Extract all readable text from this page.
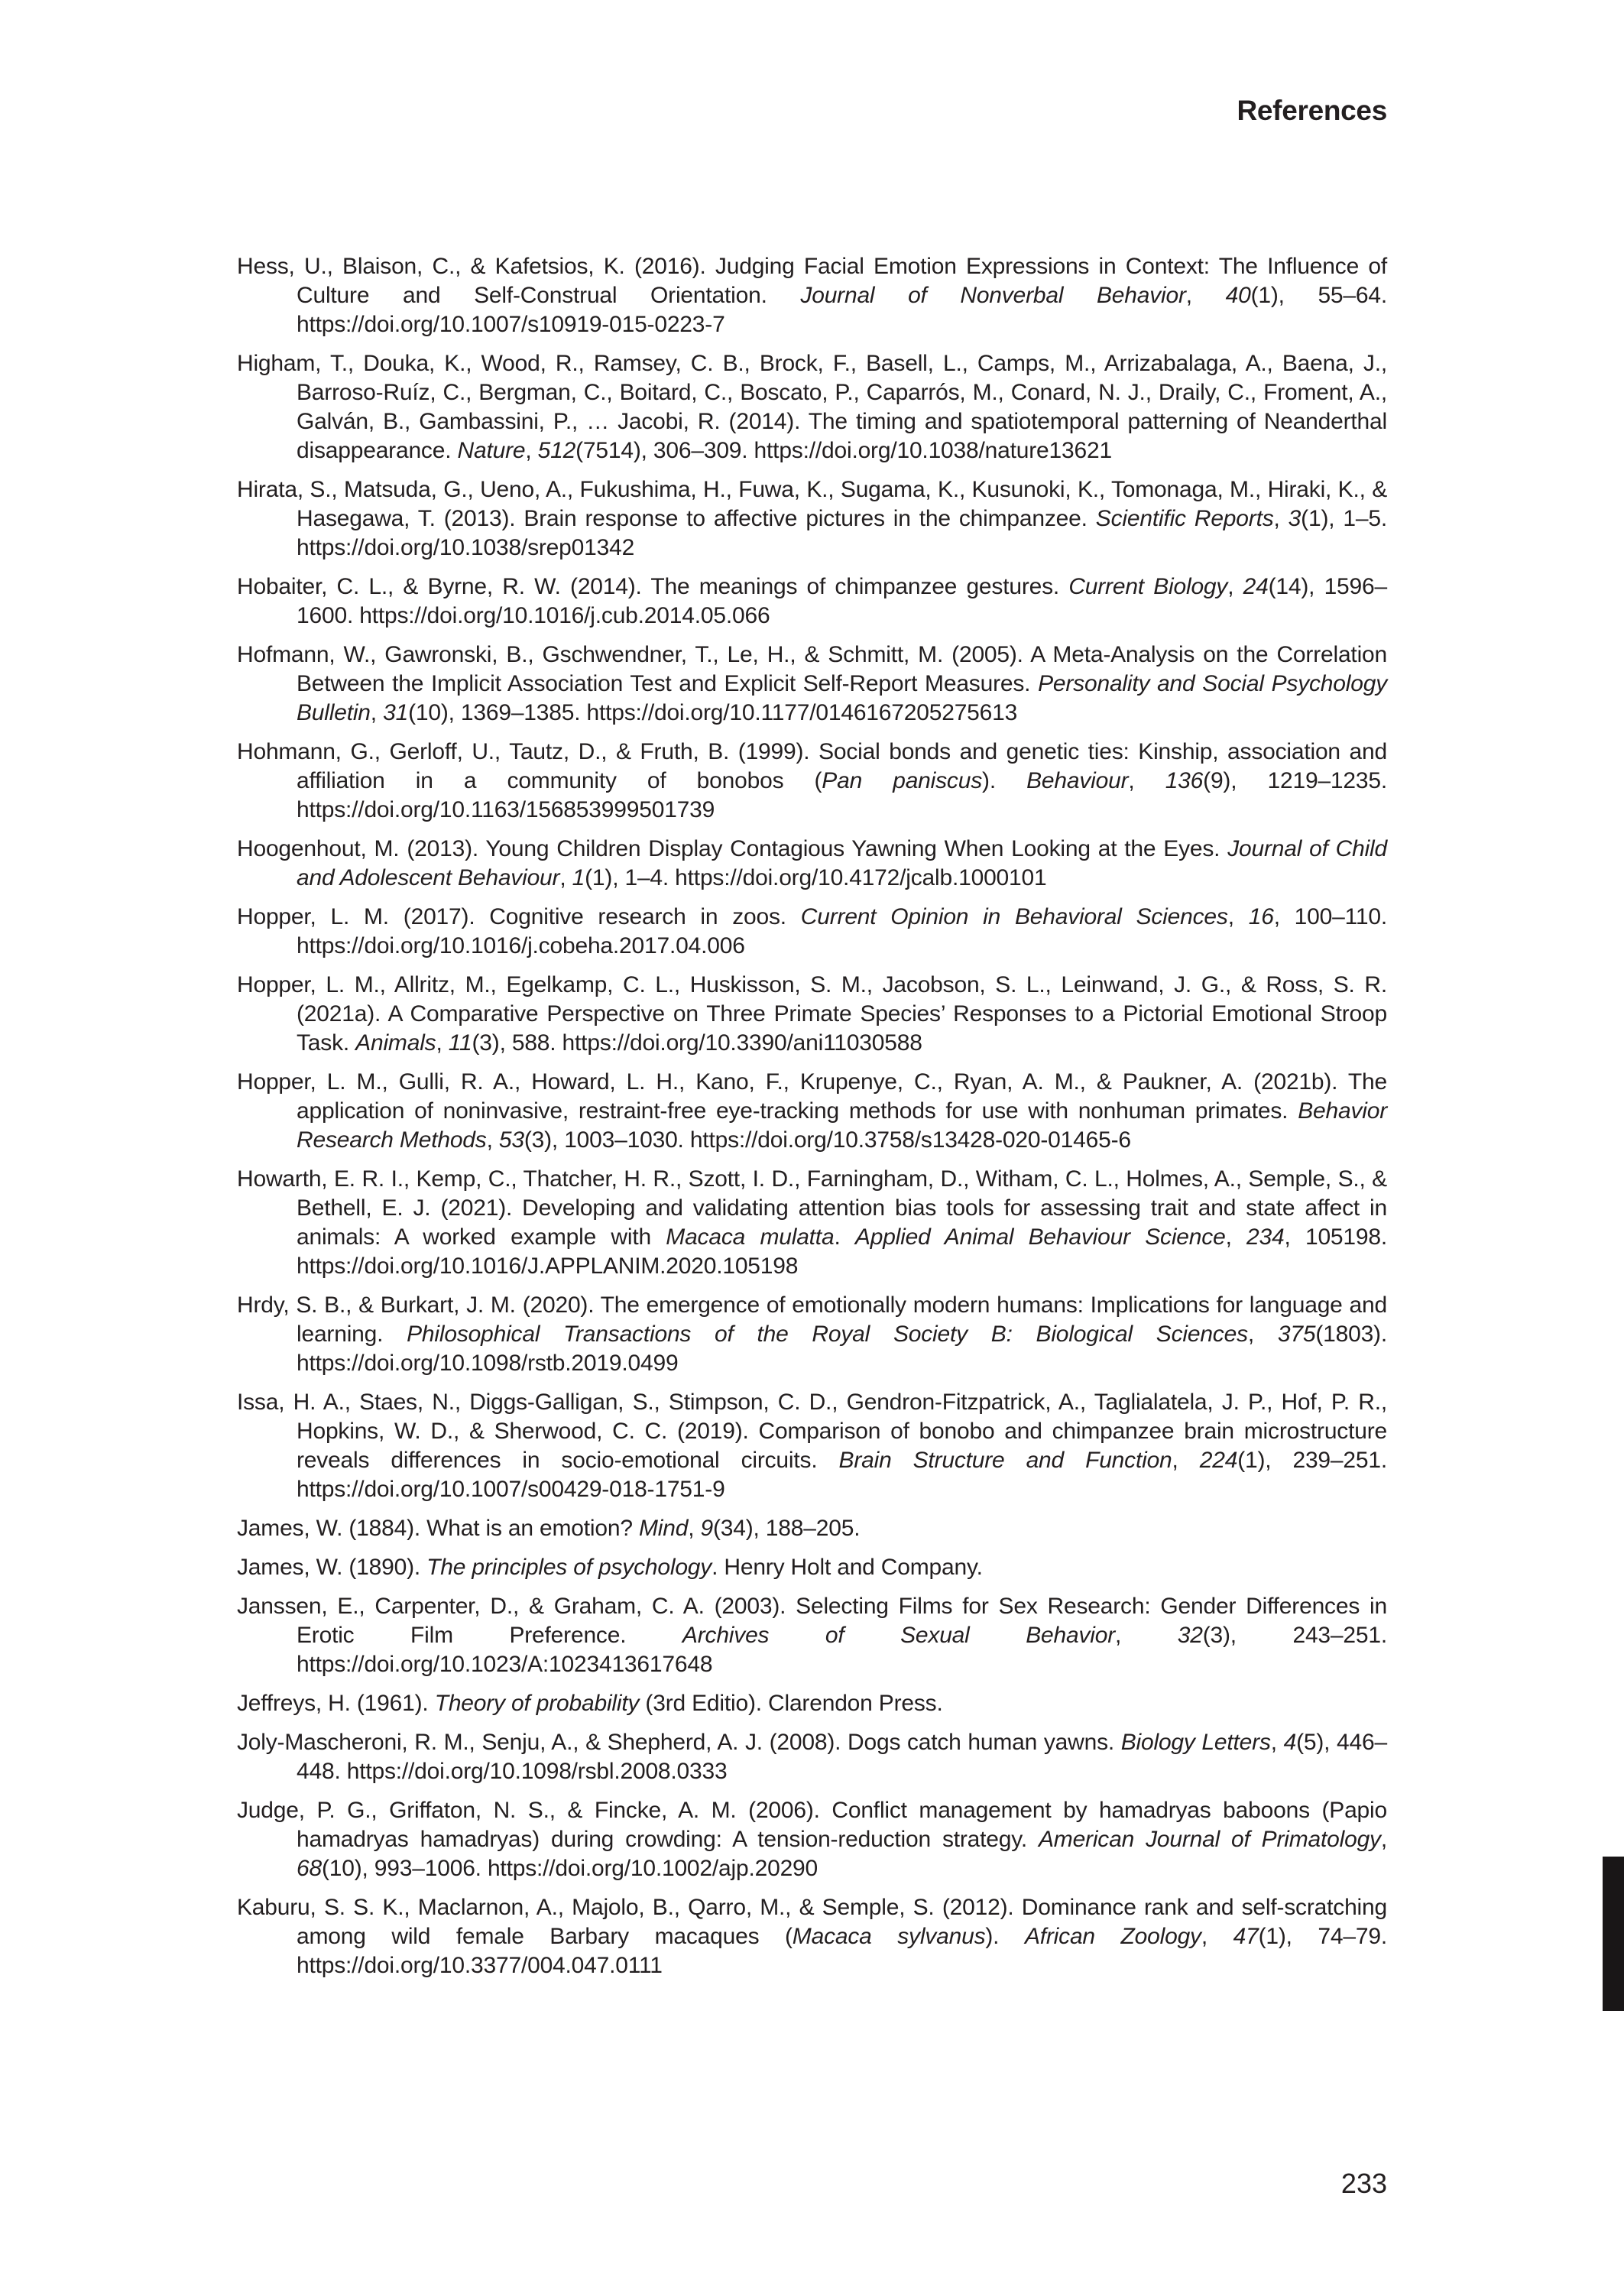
References

Hess, U., Blaison, C., & Kafetsios, K. (2016). Judging Facial Emotion Expressions in Context: The Influence of Culture and Self-Construal Orientation. Journal of Nonverbal Behavior, 40(1), 55–64. https://doi.org/10.1007/s10919-015-0223-7

Higham, T., Douka, K., Wood, R., Ramsey, C. B., Brock, F., Basell, L., Camps, M., Arrizabalaga, A., Baena, J., Barroso-Ruíz, C., Bergman, C., Boitard, C., Boscato, P., Caparrós, M., Conard, N. J., Draily, C., Froment, A., Galván, B., Gambassini, P., … Jacobi, R. (2014). The timing and spatiotemporal patterning of Neanderthal disappearance. Nature, 512(7514), 306–309. https://doi.org/10.1038/nature13621

Hirata, S., Matsuda, G., Ueno, A., Fukushima, H., Fuwa, K., Sugama, K., Kusunoki, K., Tomonaga, M., Hiraki, K., & Hasegawa, T. (2013). Brain response to affective pictures in the chimpanzee. Scientific Reports, 3(1), 1–5. https://doi.org/10.1038/srep01342

Hobaiter, C. L., & Byrne, R. W. (2014). The meanings of chimpanzee gestures. Current Biology, 24(14), 1596–1600. https://doi.org/10.1016/j.cub.2014.05.066

Hofmann, W., Gawronski, B., Gschwendner, T., Le, H., & Schmitt, M. (2005). A Meta-Analysis on the Correlation Between the Implicit Association Test and Explicit Self-Report Measures. Personality and Social Psychology Bulletin, 31(10), 1369–1385. https://doi.org/10.1177/0146167205275613

Hohmann, G., Gerloff, U., Tautz, D., & Fruth, B. (1999). Social bonds and genetic ties: Kinship, association and affiliation in a community of bonobos (Pan paniscus). Behaviour, 136(9), 1219–1235. https://doi.org/10.1163/156853999501739

Hoogenhout, M. (2013). Young Children Display Contagious Yawning When Looking at the Eyes. Journal of Child and Adolescent Behaviour, 1(1), 1–4. https://doi.org/10.4172/jcalb.1000101

Hopper, L. M. (2017). Cognitive research in zoos. Current Opinion in Behavioral Sciences, 16, 100–110. https://doi.org/10.1016/j.cobeha.2017.04.006

Hopper, L. M., Allritz, M., Egelkamp, C. L., Huskisson, S. M., Jacobson, S. L., Leinwand, J. G., & Ross, S. R. (2021a). A Comparative Perspective on Three Primate Species’ Responses to a Pictorial Emotional Stroop Task. Animals, 11(3), 588. https://doi.org/10.3390/ani11030588

Hopper, L. M., Gulli, R. A., Howard, L. H., Kano, F., Krupenye, C., Ryan, A. M., & Paukner, A. (2021b). The application of noninvasive, restraint-free eye-tracking methods for use with nonhuman primates. Behavior Research Methods, 53(3), 1003–1030. https://doi.org/10.3758/s13428-020-01465-6

Howarth, E. R. I., Kemp, C., Thatcher, H. R., Szott, I. D., Farningham, D., Witham, C. L., Holmes, A., Semple, S., & Bethell, E. J. (2021). Developing and validating attention bias tools for assessing trait and state affect in animals: A worked example with Macaca mulatta. Applied Animal Behaviour Science, 234, 105198. https://doi.org/10.1016/J.APPLANIM.2020.105198

Hrdy, S. B., & Burkart, J. M. (2020). The emergence of emotionally modern humans: Implications for language and learning. Philosophical Transactions of the Royal Society B: Biological Sciences, 375(1803). https://doi.org/10.1098/rstb.2019.0499

Issa, H. A., Staes, N., Diggs-Galligan, S., Stimpson, C. D., Gendron-Fitzpatrick, A., Taglialatela, J. P., Hof, P. R., Hopkins, W. D., & Sherwood, C. C. (2019). Comparison of bonobo and chimpanzee brain microstructure reveals differences in socio-emotional circuits. Brain Structure and Function, 224(1), 239–251. https://doi.org/10.1007/s00429-018-1751-9

James, W. (1884). What is an emotion? Mind, 9(34), 188–205.

James, W. (1890). The principles of psychology. Henry Holt and Company.

Janssen, E., Carpenter, D., & Graham, C. A. (2003). Selecting Films for Sex Research: Gender Differences in Erotic Film Preference. Archives of Sexual Behavior, 32(3), 243–251. https://doi.org/10.1023/A:1023413617648

Jeffreys, H. (1961). Theory of probability (3rd Editio). Clarendon Press.

Joly-Mascheroni, R. M., Senju, A., & Shepherd, A. J. (2008). Dogs catch human yawns. Biology Letters, 4(5), 446–448. https://doi.org/10.1098/rsbl.2008.0333

Judge, P. G., Griffaton, N. S., & Fincke, A. M. (2006). Conflict management by hamadryas baboons (Papio hamadryas hamadryas) during crowding: A tension-reduction strategy. American Journal of Primatology, 68(10), 993–1006. https://doi.org/10.1002/ajp.20290

Kaburu, S. S. K., Maclarnon, A., Majolo, B., Qarro, M., & Semple, S. (2012). Dominance rank and self-scratching among wild female Barbary macaques (Macaca sylvanus). African Zoology, 47(1), 74–79. https://doi.org/10.3377/004.047.0111

233
